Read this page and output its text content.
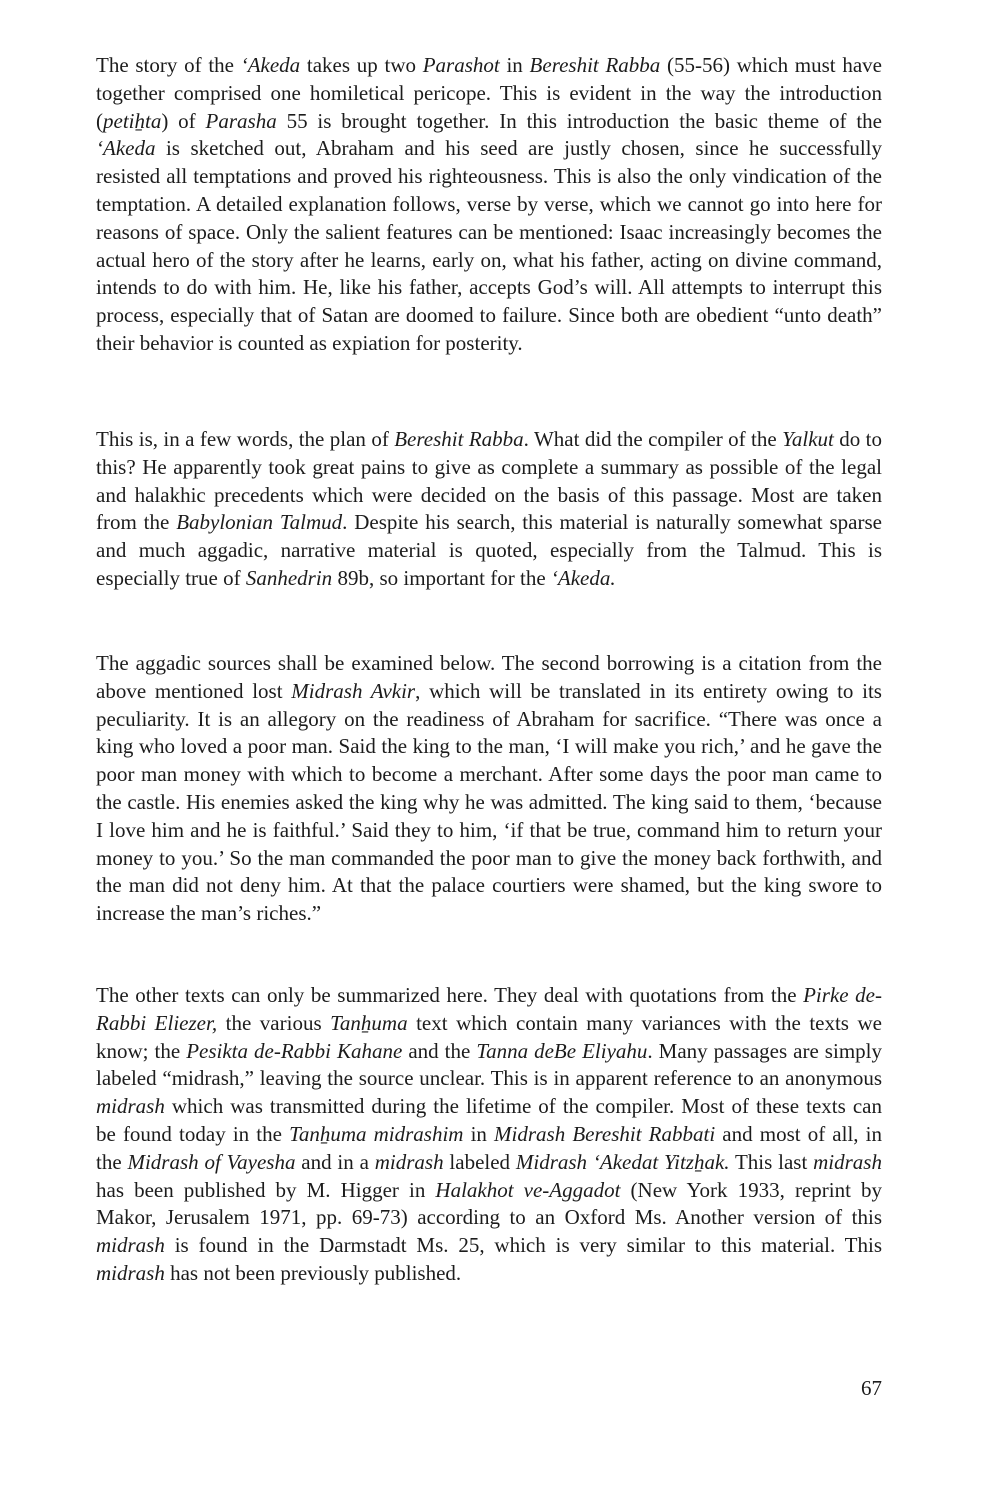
The story of the ‘Akeda takes up two Parashot in Bereshit Rabba (55-56) which must have together comprised one homiletical pericope. This is evident in the way the introduction (petiẖta) of Parasha 55 is brought together. In this introduction the basic theme of the ‘Akeda is sketched out, Abraham and his seed are justly chosen, since he successfully resisted all temptations and proved his righteousness. This is also the only vindication of the temptation. A detailed explanation follows, verse by verse, which we cannot go into here for reasons of space. Only the salient features can be mentioned: Isaac increasingly becomes the actual hero of the story after he learns, early on, what his father, acting on divine command, intends to do with him. He, like his father, accepts God’s will. All attempts to interrupt this process, especially that of Satan are doomed to failure. Since both are obedient “unto death” their behavior is counted as expiation for posterity.

This is, in a few words, the plan of Bereshit Rabba. What did the compiler of the Yalkut do to this? He apparently took great pains to give as complete a summary as possible of the legal and halakhic precedents which were decided on the basis of this passage. Most are taken from the Babylonian Talmud. Despite his search, this material is naturally somewhat sparse and much aggadic, narrative material is quoted, especially from the Talmud. This is especially true of Sanhedrin 89b, so important for the ‘Akeda.

The aggadic sources shall be examined below. The second borrowing is a citation from the above mentioned lost Midrash Avkir, which will be translated in its entirety owing to its peculiarity. It is an allegory on the readiness of Abraham for sacrifice. “There was once a king who loved a poor man. Said the king to the man, ‘I will make you rich,’ and he gave the poor man money with which to become a merchant. After some days the poor man came to the castle. His enemies asked the king why he was admitted. The king said to them, ‘because I love him and he is faithful.’ Said they to him, ‘if that be true, command him to return your money to you.’ So the man commanded the poor man to give the money back forthwith, and the man did not deny him. At that the palace courtiers were shamed, but the king swore to increase the man’s riches.”

The other texts can only be summarized here. They deal with quotations from the Pirke de-Rabbi Eliezer, the various Tanẖuma text which contain many variances with the texts we know; the Pesikta de-Rabbi Kahane and the Tanna deBe Eliyahu. Many passages are simply labeled “midrash,” leaving the source unclear. This is in apparent reference to an anonymous midrash which was transmitted during the lifetime of the compiler. Most of these texts can be found today in the Tanẖuma midrashim in Midrash Bereshit Rabbati and most of all, in the Midrash of Vayesha and in a midrash labeled Midrash ‘Akedat Yitzẖak. This last midrash has been published by M. Higger in Halakhot ve-Aggadot (New York 1933, reprint by Makor, Jerusalem 1971, pp. 69-73) according to an Oxford Ms. Another version of this midrash is found in the Darmstadt Ms. 25, which is very similar to this material. This midrash has not been previously published.

67
